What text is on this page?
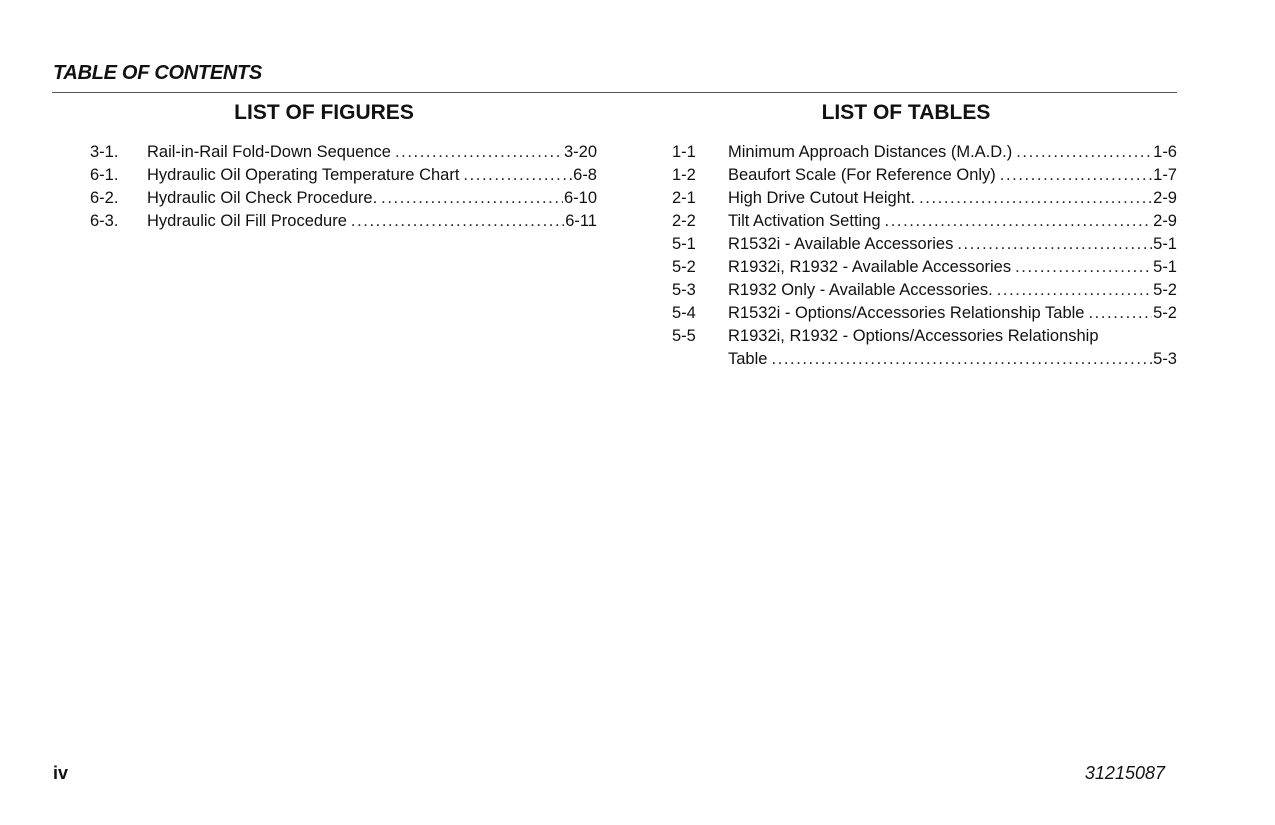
TABLE OF CONTENTS
LIST OF FIGURES	LIST OF TABLES
3-1.	Rail-in-Rail Fold-Down Sequence .....	3-20
6-1.	Hydraulic Oil Operating Temperature Chart .....	6-8
6-2.	Hydraulic Oil Check Procedure. .....	6-10
6-3.	Hydraulic Oil Fill Procedure .....	6-11
1-1	Minimum Approach Distances (M.A.D.) .....	1-6
1-2	Beaufort Scale (For Reference Only) .....	1-7
2-1	High Drive Cutout Height. .....	2-9
2-2	Tilt Activation Setting .....	2-9
5-1	R1532i - Available Accessories .....	5-1
5-2	R1932i, R1932 - Available Accessories .....	5-1
5-3	R1932 Only - Available Accessories. .....	5-2
5-4	R1532i - Options/Accessories Relationship Table .....	5-2
5-5	R1932i, R1932 - Options/Accessories Relationship
Table .....	5-3
iv	31215087
